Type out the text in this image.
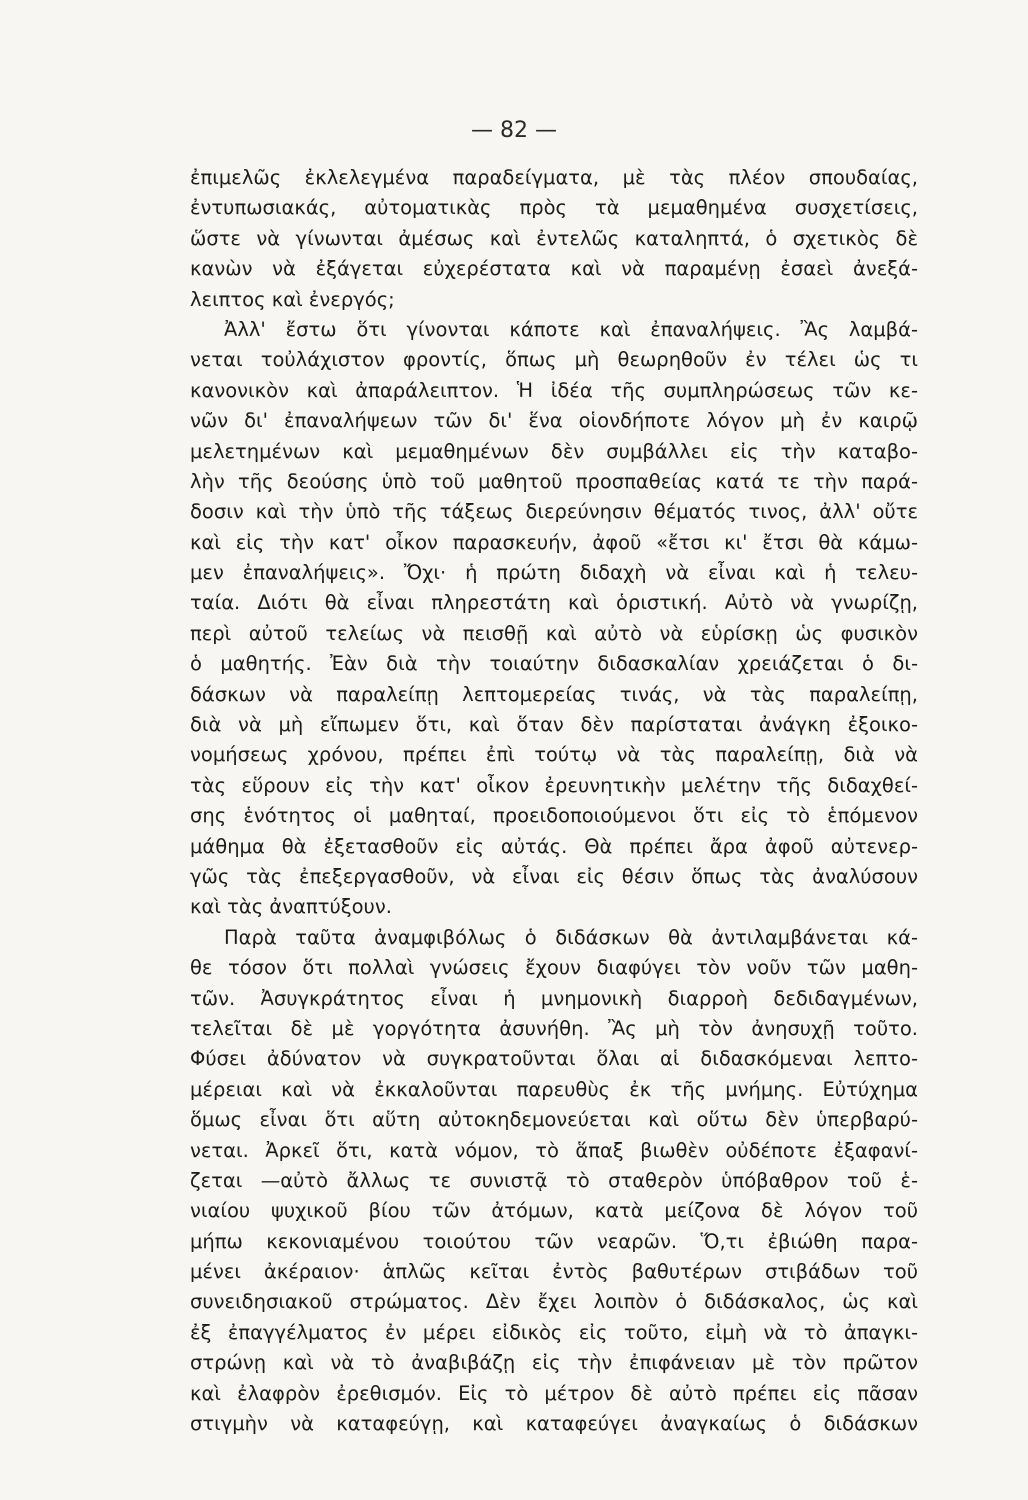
— 82 —
ἐπιμελῶς ἐκλελεγμένα παραδείγματα, μὲ τὰς πλέον σπουδαίας,
ἐντυπωσιακάς, αὐτοματικὰς πρὸς τὰ μεμαθημένα συσχετίσεις,
ὥστε νὰ γίνωνται ἀμέσως καὶ ἐντελῶς καταληπτά, ὁ σχετικὸς δὲ
κανὼν νὰ ἐξάγεται εὐχερέστατα καὶ νὰ παραμένῃ ἐσαεὶ ἀνεξά-
λειπτος καὶ ἐνεργός;
Ἀλλ' ἔστω ὅτι γίνονται κάποτε καὶ ἐπαναλήψεις. Ἂς λαμβά-
νεται τοὐλάχιστον φροντίς, ὅπως μὴ θεωρηθοῦν ἐν τέλει ὡς τι
κανονικὸν καὶ ἀπαράλειπτον. Ἡ ἰδέα τῆς συμπληρώσεως τῶν κε-
νῶν δι' ἐπαναλήψεων τῶν δι' ἕνα οἱονδήποτε λόγον μὴ ἐν καιρῷ
μελετημένων καὶ μεμαθημένων δὲν συμβάλλει εἰς τὴν καταβο-
λὴν τῆς δεούσης ὑπὸ τοῦ μαθητοῦ προσπαθείας κατά τε τὴν παρά-
δοσιν καὶ τὴν ὑπὸ τῆς τάξεως διερεύνησιν θέματός τινος, ἀλλ' οὔτε
καὶ εἰς τὴν κατ' οἶκον παρασκευήν, ἀφοῦ «ἔτσι κι' ἔτσι θὰ κάμω-
μεν ἐπαναλήψεις». Ὄχι· ἡ πρώτη διδαχὴ νὰ εἶναι καὶ ἡ τελευ-
ταία. Διότι θὰ εἶναι πληρεστάτη καὶ ὁριστική. Αὐτὸ νὰ γνωρίζῃ,
περὶ αὐτοῦ τελείως νὰ πεισθῇ καὶ αὐτὸ νὰ εὑρίσκῃ ὡς φυσικὸν
ὁ μαθητής. Ἐὰν διὰ τὴν τοιαύτην διδασκαλίαν χρειάζεται ὁ δι-
δάσκων νὰ παραλείπῃ λεπτομερείας τινάς, νὰ τὰς παραλείπῃ,
διὰ νὰ μὴ εἴπωμεν ὅτι, καὶ ὅταν δὲν παρίσταται ἀνάγκη ἐξοικο-
νομήσεως χρόνου, πρέπει ἐπὶ τούτῳ νὰ τὰς παραλείπῃ, διὰ νὰ
τὰς εὕρουν εἰς τὴν κατ' οἶκον ἐρευνητικὴν μελέτην τῆς διδαχθεί-
σης ἑνότητος οἱ μαθηταί, προειδοποιούμενοι ὅτι εἰς τὸ ἑπόμενον
μάθημα θὰ ἐξετασθοῦν εἰς αὐτάς. Θὰ πρέπει ἄρα ἀφοῦ αὐτενερ-
γῶς τὰς ἐπεξεργασθοῦν, νὰ εἶναι εἰς θέσιν ὅπως τὰς ἀναλύσουν
καὶ τὰς ἀναπτύξουν.
Παρὰ ταῦτα ἀναμφιβόλως ὁ διδάσκων θὰ ἀντιλαμβάνεται κά-
θε τόσον ὅτι πολλαὶ γνώσεις ἔχουν διαφύγει τὸν νοῦν τῶν μαθη-
τῶν. Ἀσυγκράτητος εἶναι ἡ μνημονικὴ διαρροὴ δεδιδαγμένων,
τελεῖται δὲ μὲ γοργότητα ἀσυνήθη. Ἂς μὴ τὸν ἀνησυχῇ τοῦτο.
Φύσει ἀδύνατον νὰ συγκρατοῦνται ὅλαι αἱ διδασκόμεναι λεπτο-
μέρειαι καὶ νὰ ἐκκαλοῦνται παρευθὺς ἐκ τῆς μνήμης. Εὐτύχημα
ὅμως εἶναι ὅτι αὕτη αὐτοκηδεμονεύεται καὶ οὕτω δὲν ὑπερβαρύ-
νεται. Ἀρκεῖ ὅτι, κατὰ νόμον, τὸ ἅπαξ βιωθὲν οὐδέποτε ἐξαφανί-
ζεται —αὐτὸ ἄλλως τε συνιστᾷ τὸ σταθερὸν ὑπόβαθρον τοῦ ἑ-
νιαίου ψυχικοῦ βίου τῶν ἀτόμων, κατὰ μείζονα δὲ λόγον τοῦ
μήπω κεκονιαμένου τοιούτου τῶν νεαρῶν. Ὅ,τι ἐβιώθη παρα-
μένει ἀκέραιον· ἁπλῶς κεῖται ἐντὸς βαθυτέρων στιβάδων τοῦ
συνειδησιακοῦ στρώματος. Δὲν ἔχει λοιπὸν ὁ διδάσκαλος, ὡς καὶ
ἐξ ἐπαγγέλματος ἐν μέρει εἰδικὸς εἰς τοῦτο, εἰμὴ νὰ τὸ ἀπαγκι-
στρώνῃ καὶ νὰ τὸ ἀναβιβάζῃ εἰς τὴν ἐπιφάνειαν μὲ τὸν πρῶτον
καὶ ἐλαφρὸν ἐρεθισμόν. Εἰς τὸ μέτρον δὲ αὐτὸ πρέπει εἰς πᾶσαν
στιγμὴν νὰ καταφεύγῃ, καὶ καταφεύγει ἀναγκαίως ὁ διδάσκων
